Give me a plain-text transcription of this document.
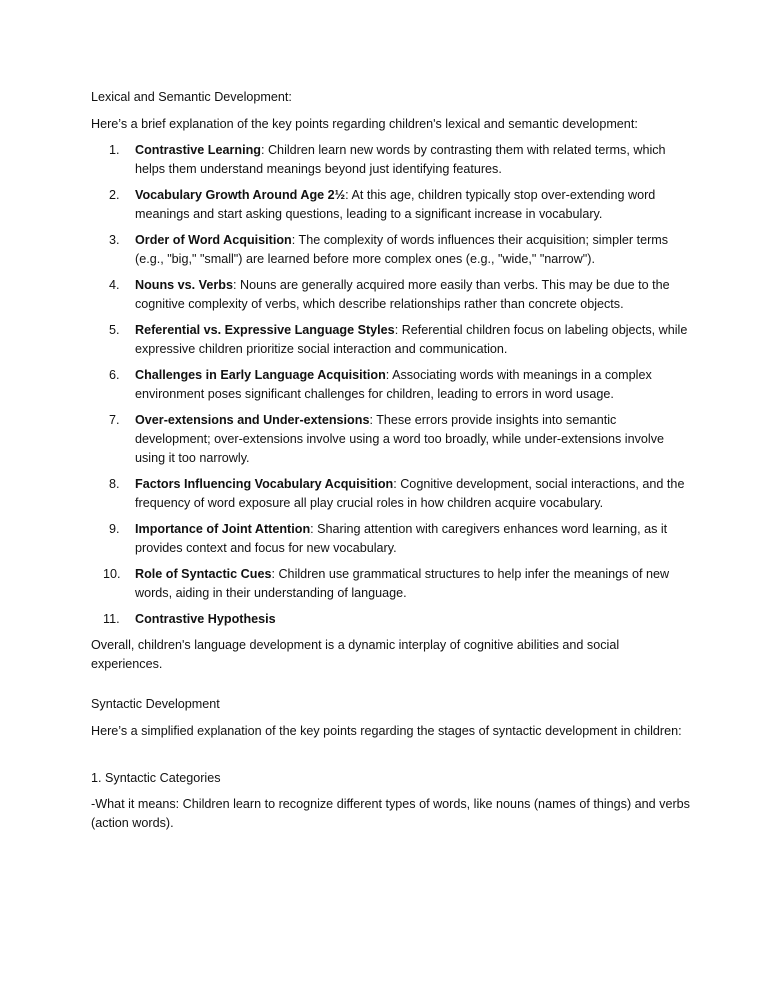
Lexical and Semantic Development:

Here’s a brief explanation of the key points regarding children's lexical and semantic development:

1. Contrastive Learning: Children learn new words by contrasting them with related terms, which helps them understand meanings beyond just identifying features.
2. Vocabulary Growth Around Age 2½: At this age, children typically stop over-extending word meanings and start asking questions, leading to a significant increase in vocabulary.
3. Order of Word Acquisition: The complexity of words influences their acquisition; simpler terms (e.g., "big," "small") are learned before more complex ones (e.g., "wide," "narrow").
4. Nouns vs. Verbs: Nouns are generally acquired more easily than verbs. This may be due to the cognitive complexity of verbs, which describe relationships rather than concrete objects.
5. Referential vs. Expressive Language Styles: Referential children focus on labeling objects, while expressive children prioritize social interaction and communication.
6. Challenges in Early Language Acquisition: Associating words with meanings in a complex environment poses significant challenges for children, leading to errors in word usage.
7. Over-extensions and Under-extensions: These errors provide insights into semantic development; over-extensions involve using a word too broadly, while under-extensions involve using it too narrowly.
8. Factors Influencing Vocabulary Acquisition: Cognitive development, social interactions, and the frequency of word exposure all play crucial roles in how children acquire vocabulary.
9. Importance of Joint Attention: Sharing attention with caregivers enhances word learning, as it provides context and focus for new vocabulary.
10. Role of Syntactic Cues: Children use grammatical structures to help infer the meanings of new words, aiding in their understanding of language.
11. Contrastive Hypothesis

Overall, children's language development is a dynamic interplay of cognitive abilities and social experiences.

Syntactic Development

Here’s a simplified explanation of the key points regarding the stages of syntactic development in children:

1. Syntactic Categories

-What it means: Children learn to recognize different types of words, like nouns (names of things) and verbs (action words).
